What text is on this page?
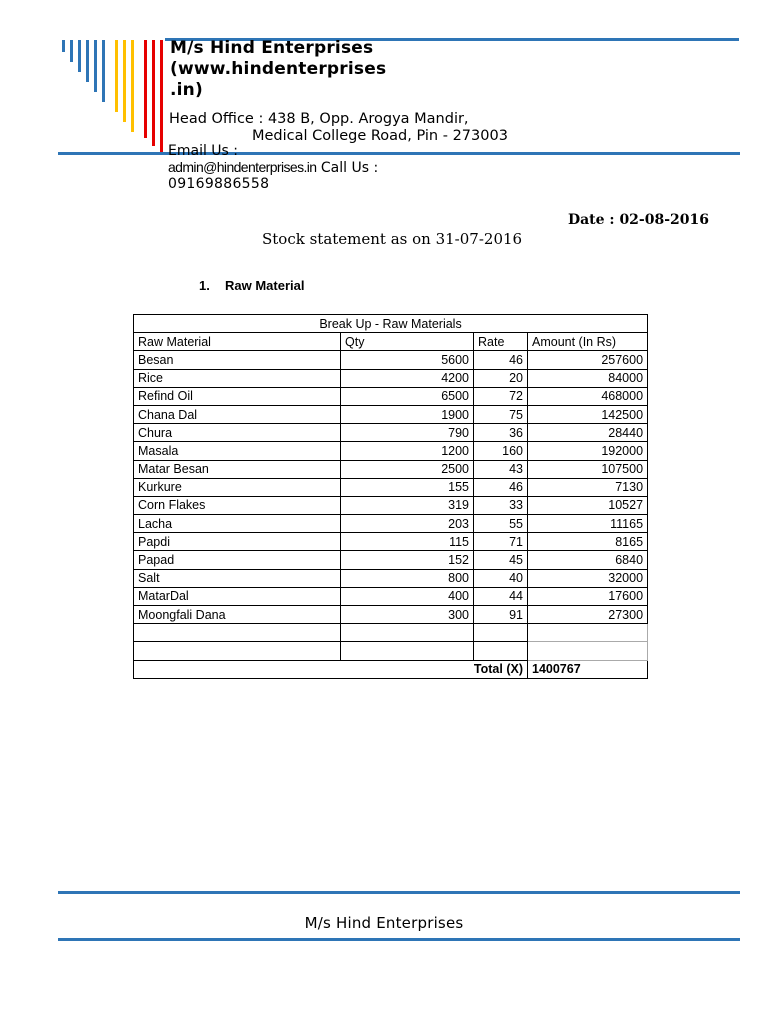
M/s Hind Enterprises (www.hindenterprises .in)
Head Office : 438 B, Opp. Arogya Mandir,
Medical College Road, Pin - 273003
Email Us :
admin@hindenterprises.in Call Us :
09169886558
Date : 02-08-2016
Stock statement as on 31-07-2016
1. Raw Material
Break Up - Raw Materials			
Raw Material	Qty	Rate	Amount (In Rs)
Besan	5600	46	257600
Rice	4200	20	84000
Refind Oil	6500	72	468000
Chana Dal	1900	75	142500
Chura	790	36	28440
Masala	1200	160	192000
Matar Besan	2500	43	107500
Kurkure	155	46	7130
Corn Flakes	319	33	10527
Lacha	203	55	11165
Papdi	115	71	8165
Papad	152	45	6840
Salt	800	40	32000
MatarDal	400	44	17600
Moongfali Dana	300	91	27300

Total (X)			1400767
M/s Hind Enterprises
